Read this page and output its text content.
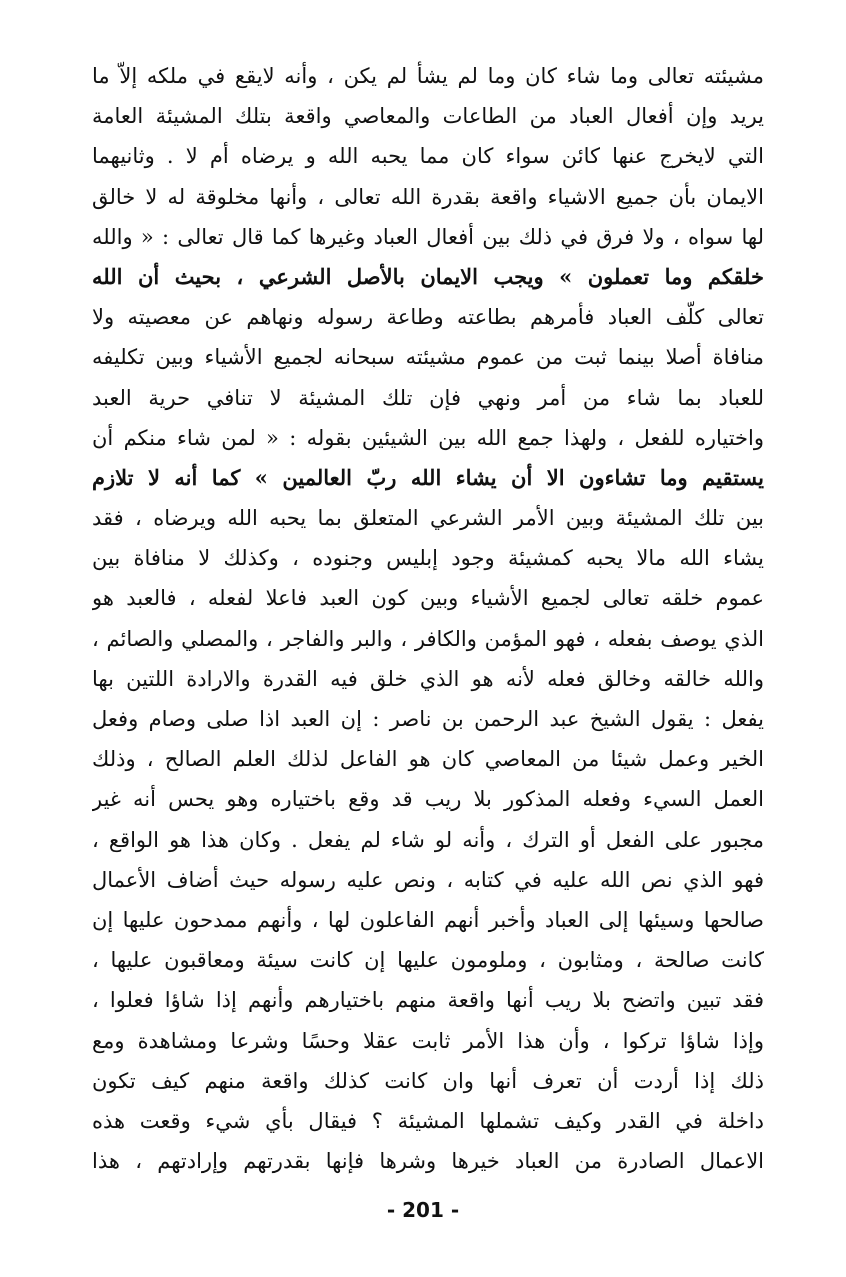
مشيئته تعالى وما شاء كان وما لم يشأ لم يكن ، وأنه لايقع في ملكه إلاّ ما
يريد وإن أفعال العباد من الطاعات والمعاصي واقعة بتلك المشيئة العامة
التي لايخرج عنها كائن سواء كان مما يحبه الله و يرضاه أم لا . وثانيهما
الايمان بأن جميع الاشياء واقعة بقدرة الله تعالى ، وأنها مخلوقة له لا خالق
لها سواه ، ولا فرق في ذلك بين أفعال العباد وغيرها كما قال تعالى : « والله
خلقكم وما تعملون » ويجب الايمان بالأصل الشرعي ، بحيث أن الله
تعالى كلّف العباد فأمرهم بطاعته وطاعة رسوله ونهاهم عن معصيته ولا
منافاة أصلا بينما ثبت من عموم مشيئته سبحانه لجميع الأشياء وبين تكليفه
للعباد بما شاء من أمر ونهي فإن تلك المشيئة لا تنافي حرية العبد
واختياره للفعل ، ولهذا جمع الله بين الشيئين بقوله : « لمن شاء منكم أن
يستقيم وما تشاءون الا أن يشاء الله ربّ العالمين » كما أنه لا تلازم
بين تلك المشيئة وبين الأمر الشرعي المتعلق بما يحبه الله ويرضاه ، فقد
يشاء الله مالا يحبه كمشيئة وجود إبليس وجنوده ، وكذلك لا منافاة بين
عموم خلقه تعالى لجميع الأشياء وبين كون العبد فاعلا لفعله ، فالعبد هو
الذي يوصف بفعله ، فهو المؤمن والكافر ، والبر والفاجر ، والمصلي والصائم ،
والله خالقه وخالق فعله لأنه هو الذي خلق فيه القدرة والارادة اللتين بها
يفعل : يقول الشيخ عبد الرحمن بن ناصر : إن العبد اذا صلى وصام وفعل
الخير وعمل شيئا من المعاصي كان هو الفاعل لذلك العلم الصالح ، وذلك
العمل السيء وفعله المذكور بلا ريب قد وقع باختياره وهو يحس أنه غير
مجبور على الفعل أو الترك ، وأنه لو شاء لم يفعل . وكان هذا هو الواقع ،
فهو الذي نص الله عليه في كتابه ، ونص عليه رسوله حيث أضاف الأعمال
صالحها وسيئها إلى العباد وأخبر أنهم الفاعلون لها ، وأنهم ممدحون عليها إن
كانت صالحة ، ومثابون ، وملومون عليها إن كانت سيئة ومعاقبون عليها ،
فقد تبين واتضح بلا ريب أنها واقعة منهم باختيارهم وأنهم إذا شاؤا فعلوا ،
وإذا شاؤا تركوا ، وأن هذا الأمر ثابت عقلا وحسًا وشرعا ومشاهدة ومع
ذلك إذا أردت أن تعرف أنها وان كانت كذلك واقعة منهم كيف تكون
داخلة في القدر وكيف تشملها المشيئة ؟ فيقال بأي شيء وقعت هذه
الاعمال الصادرة من العباد خيرها وشرها فإنها بقدرتهم وإرادتهم ، هذا
- 201 -
